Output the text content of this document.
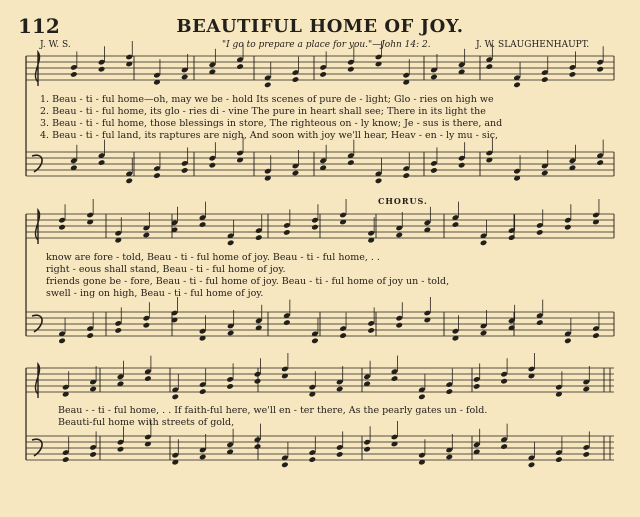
112	BEAUTIFUL HOME OF JOY.
J. W. S.	"I go to prepare a place for you."—John 14: 2.	J. W. SLAUGHENHAUPT.
1. Beau - ti - ful home—oh, may we be - hold Its scenes of pure de - light; Glo - ries on high we
2. Beau - ti - ful home, its glo - ries di - vine The pure in heart shall see; There in its light the
3. Beau - ti - ful home, those blessings in store, The righteous on - ly know; Je - sus is there, and
4. Beau - ti - ful land, its raptures are nigh, And soon with joy we'll hear, Heav - en - ly mu - sic,
CHORUS.
know are fore - told, Beau - ti - ful home of joy. Beau - ti - ful home, . .
right - eous shall stand, Beau - ti - ful home of joy.
friends gone be - fore, Beau - ti - ful home of joy. Beau - ti - ful home of joy un - told,
swell - ing on high, Beau - ti - ful home of joy.
Beau - - ti - ful home, . . If faith-ful here, we'll en - ter there, As the pearly gates un - fold.
Beauti-ful home with streets of gold,
